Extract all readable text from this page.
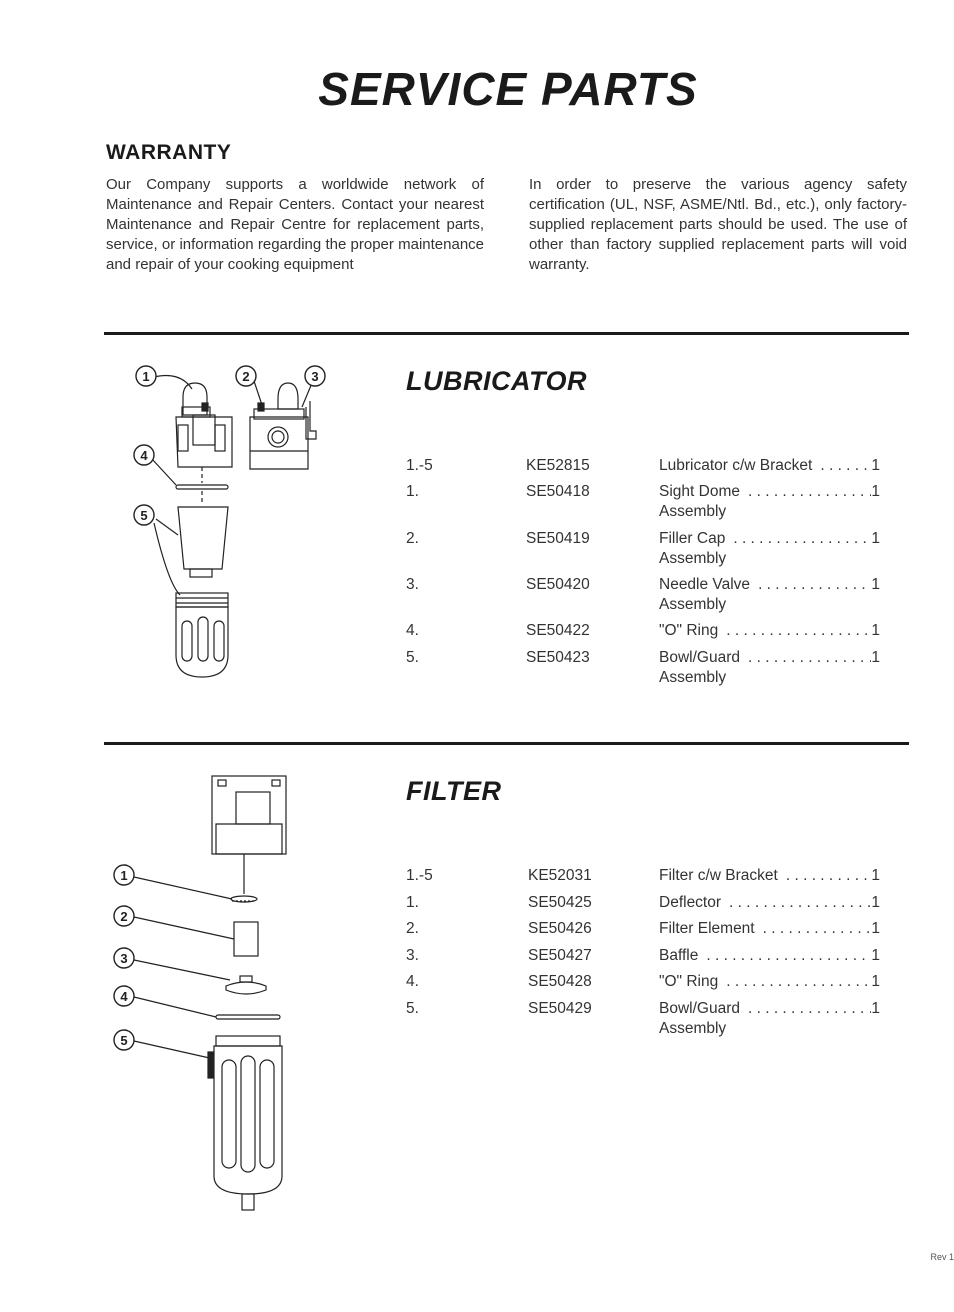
SERVICE PARTS
WARRANTY

Our Company supports a worldwide network of Maintenance and Repair Centers. Contact your nearest Maintenance and Repair Centre for replacement parts, service, or information regarding the proper maintenance and repair of your cooking equipment

In order to preserve the various agency safety certification (UL, NSF, ASME/Ntl. Bd., etc.), only factory-supplied replacement parts should be used. The use of other than factory supplied replacement parts will void warranty.

1	2	3
4
5
LUBRICATOR
1.-5	KE52815	Lubricator c/w Bracket . . .	1
1.	SE50418	Sight Dome . . .	1
Assembly
2.	SE50419	Filler Cap . . .	1
Assembly
3.	SE50420	Needle Valve . . .	1
Assembly
4.	SE50422	"O" Ring . . .	1
5.	SE50423	Bowl/Guard . . .	1
Assembly
1
2
3
4
5
FILTER
1.-5	KE52031	Filter c/w Bracket . . .	1
1.	SE50425	Deflector . . .	1
2.	SE50426	Filter Element . . .	1
3.	SE50427	Baffle . . .	1
4.	SE50428	"O" Ring . . .	1
5.	SE50429	Bowl/Guard . . .	1
Assembly
Rev 1
